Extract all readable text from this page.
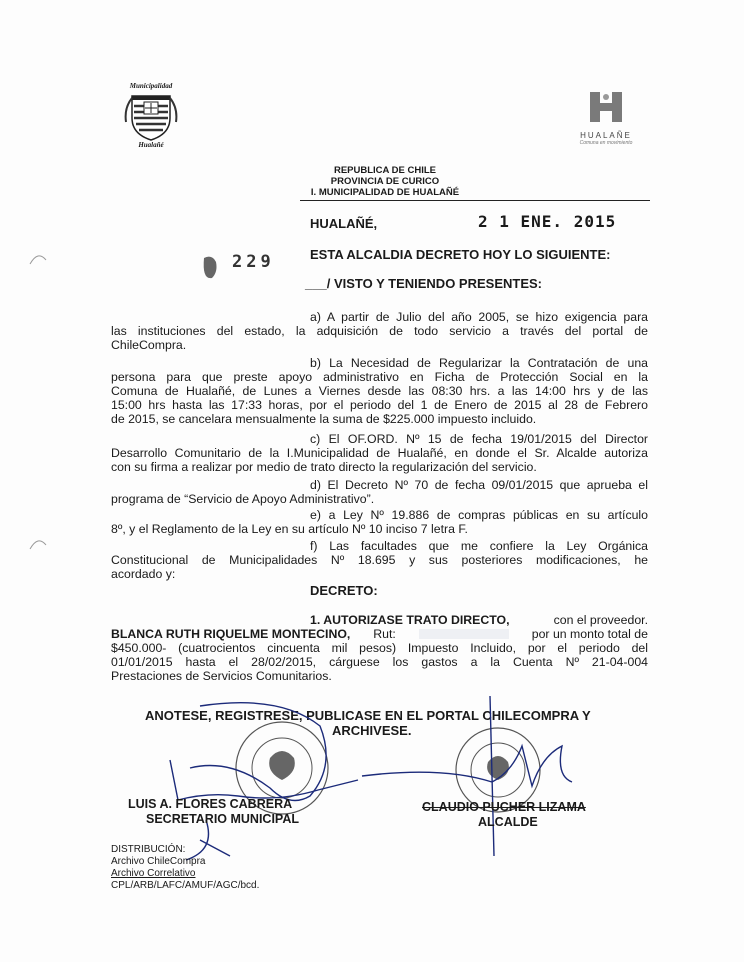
Municipalidad
Hualañé
HUALAÑE
Comuna en movimiento
REPUBLICA DE CHILE
PROVINCIA DE CURICO
I. MUNICIPALIDAD DE HUALAÑÉ
HUALAÑÉ,	2 1 ENE. 2015
229	ESTA ALCALDIA DECRETO HOY LO SIGUIENTE:
___/ VISTO Y TENIENDO PRESENTES:
a) A partir de Julio del año 2005, se hizo exigencia para
las instituciones del estado, la adquisición de todo servicio a través del portal de
ChileCompra.
b) La Necesidad de Regularizar la Contratación de una
persona para que preste apoyo administrativo en Ficha de Protección Social en la
Comuna de Hualañé, de Lunes a Viernes desde las 08:30 hrs. a las 14:00 hrs y de las
15:00 hrs hasta las 17:33 horas, por el periodo del 1 de Enero de 2015 al 28 de Febrero
de 2015, se cancelara mensualmente la suma de $225.000 impuesto incluido.
c) El OF.ORD. Nº 15 de fecha 19/01/2015 del Director
Desarrollo Comunitario de la I.Municipalidad de Hualañé, en donde el Sr. Alcalde autoriza
con su firma a realizar por medio de trato directo la regularización del servicio.
d) El Decreto Nº 70 de fecha 09/01/2015 que aprueba el
programa de “Servicio de Apoyo Administrativo”.
e) a Ley Nº 19.886 de compras públicas en su artículo
8º, y el Reglamento de la Ley en su artículo Nº 10 inciso 7 letra F.
f) Las facultades que me confiere la Ley Orgánica
Constitucional de Municipalidades Nº 18.695 y sus posteriores modificaciones, he
acordado y:
DECRETO:
1. AUTORIZASE TRATO DIRECTO,	con el proveedor.
BLANCA RUTH RIQUELME MONTECINO, Rut:	por un monto total de
$450.000- (cuatrocientos cincuenta mil pesos) Impuesto Incluido, por el periodo del
01/01/2015 hasta el 28/02/2015, cárguese los gastos a la Cuenta Nº 21-04-004
Prestaciones de Servicios Comunitarios.
ANOTESE, REGISTRESE, PUBLICASE EN EL PORTAL CHILECOMPRA Y
ARCHIVESE.
LUIS A. FLORES CABRERA
SECRETARIO MUNICIPAL
CLAUDIO PUCHER LIZAMA
ALCALDE
DISTRIBUCIÓN:
Archivo ChileCompra
Archivo Correlativo
CPL/ARB/LAFC/AMUF/AGC/bcd.
